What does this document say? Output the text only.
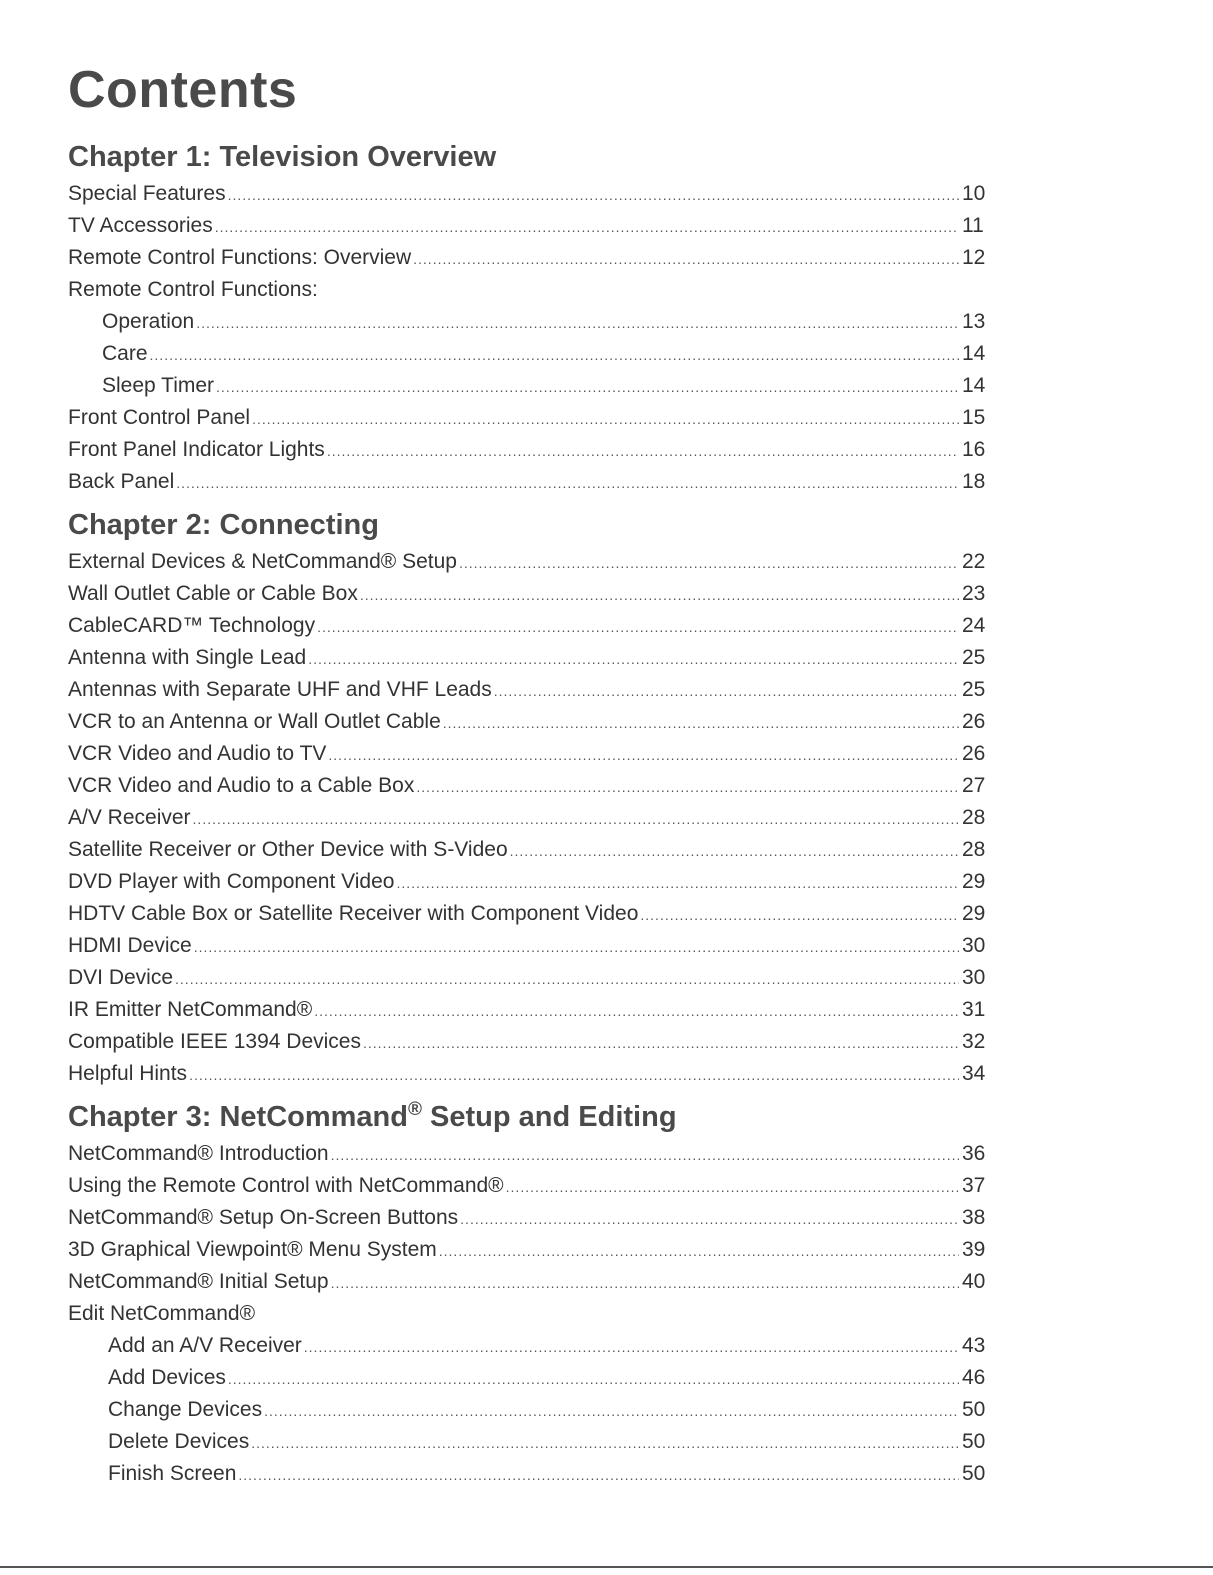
Contents
Chapter 1: Television Overview
Special Features .....	10
TV Accessories .....	11
Remote Control Functions: Overview .....	12
Remote Control Functions:
Operation .....	13
Care .....	14
Sleep Timer .....	14
Front Control Panel .....	15
Front Panel Indicator Lights .....	16
Back Panel .....	18
Chapter 2: Connecting
External Devices & NetCommand® Setup .....	22
Wall Outlet Cable or Cable Box .....	23
CableCARD™ Technology .....	24
Antenna with Single Lead .....	25
Antennas with Separate UHF and VHF Leads .....	25
VCR to an Antenna or Wall Outlet Cable .....	26
VCR Video and Audio to TV .....	26
VCR Video and Audio to a Cable Box .....	27
A/V Receiver .....	28
Satellite Receiver or Other Device with S-Video .....	28
DVD Player with Component Video .....	29
HDTV Cable Box or Satellite Receiver with Component Video .....	29
HDMI Device .....	30
DVI Device .....	30
IR Emitter NetCommand® .....	31
Compatible IEEE 1394 Devices .....	32
Helpful Hints .....	34
Chapter 3: NetCommand® Setup and Editing
NetCommand® Introduction .....	36
Using the Remote Control with NetCommand® .....	37
NetCommand® Setup On-Screen Buttons .....	38
3D Graphical Viewpoint® Menu System .....	39
NetCommand® Initial Setup .....	40
Edit NetCommand®
Add an A/V Receiver .....	43
Add Devices .....	46
Change Devices .....	50
Delete Devices .....	50
Finish Screen .....	50
